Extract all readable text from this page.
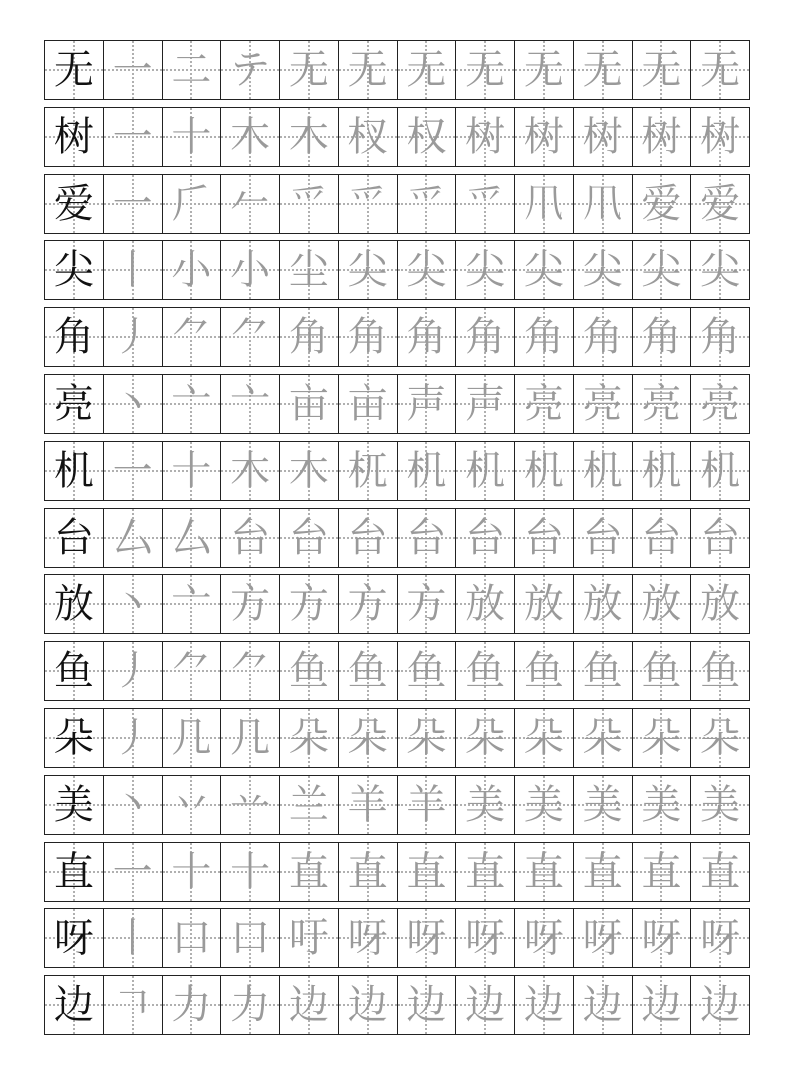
无 一 二 テ 无 无 无 无 无 无 无 无
树 一 十 木 木 杈 权 树 树 树 树 树
爱 一 𠂆 𠂉 爫 爫 爫 爫 𤓯 𤓯 爱 爱
尖 丨 小 小 尘 尖 尖 尖 尖 尖 尖 尖
角 丿 ⺈ ⺈ 角 角 角 角 角 角 角 角
亮 丶 亠 亠 亩 亩 声 声 亮 亮 亮 亮
机 一 十 木 木 杌 机 机 机 机 机 机
台 厶 厶 台 台 台 台 台 台 台 台 台
放 丶 亠 方 方 方 方 放 放 放 放 放
鱼 丿 ⺈ ⺈ 鱼 鱼 鱼 鱼 鱼 鱼 鱼 鱼
朵 丿 几 几 朵 朵 朵 朵 朵 朵 朵 朵
美 丶 丷 䒑 兰 羊 羊 美 美 美 美 美
直 一 十 十 直 直 直 直 直 直 直 直
呀 丨 口 口 吁 呀 呀 呀 呀 呀 呀 呀
边 𠃍 力 力 边 边 边 边 边 边 边 边
